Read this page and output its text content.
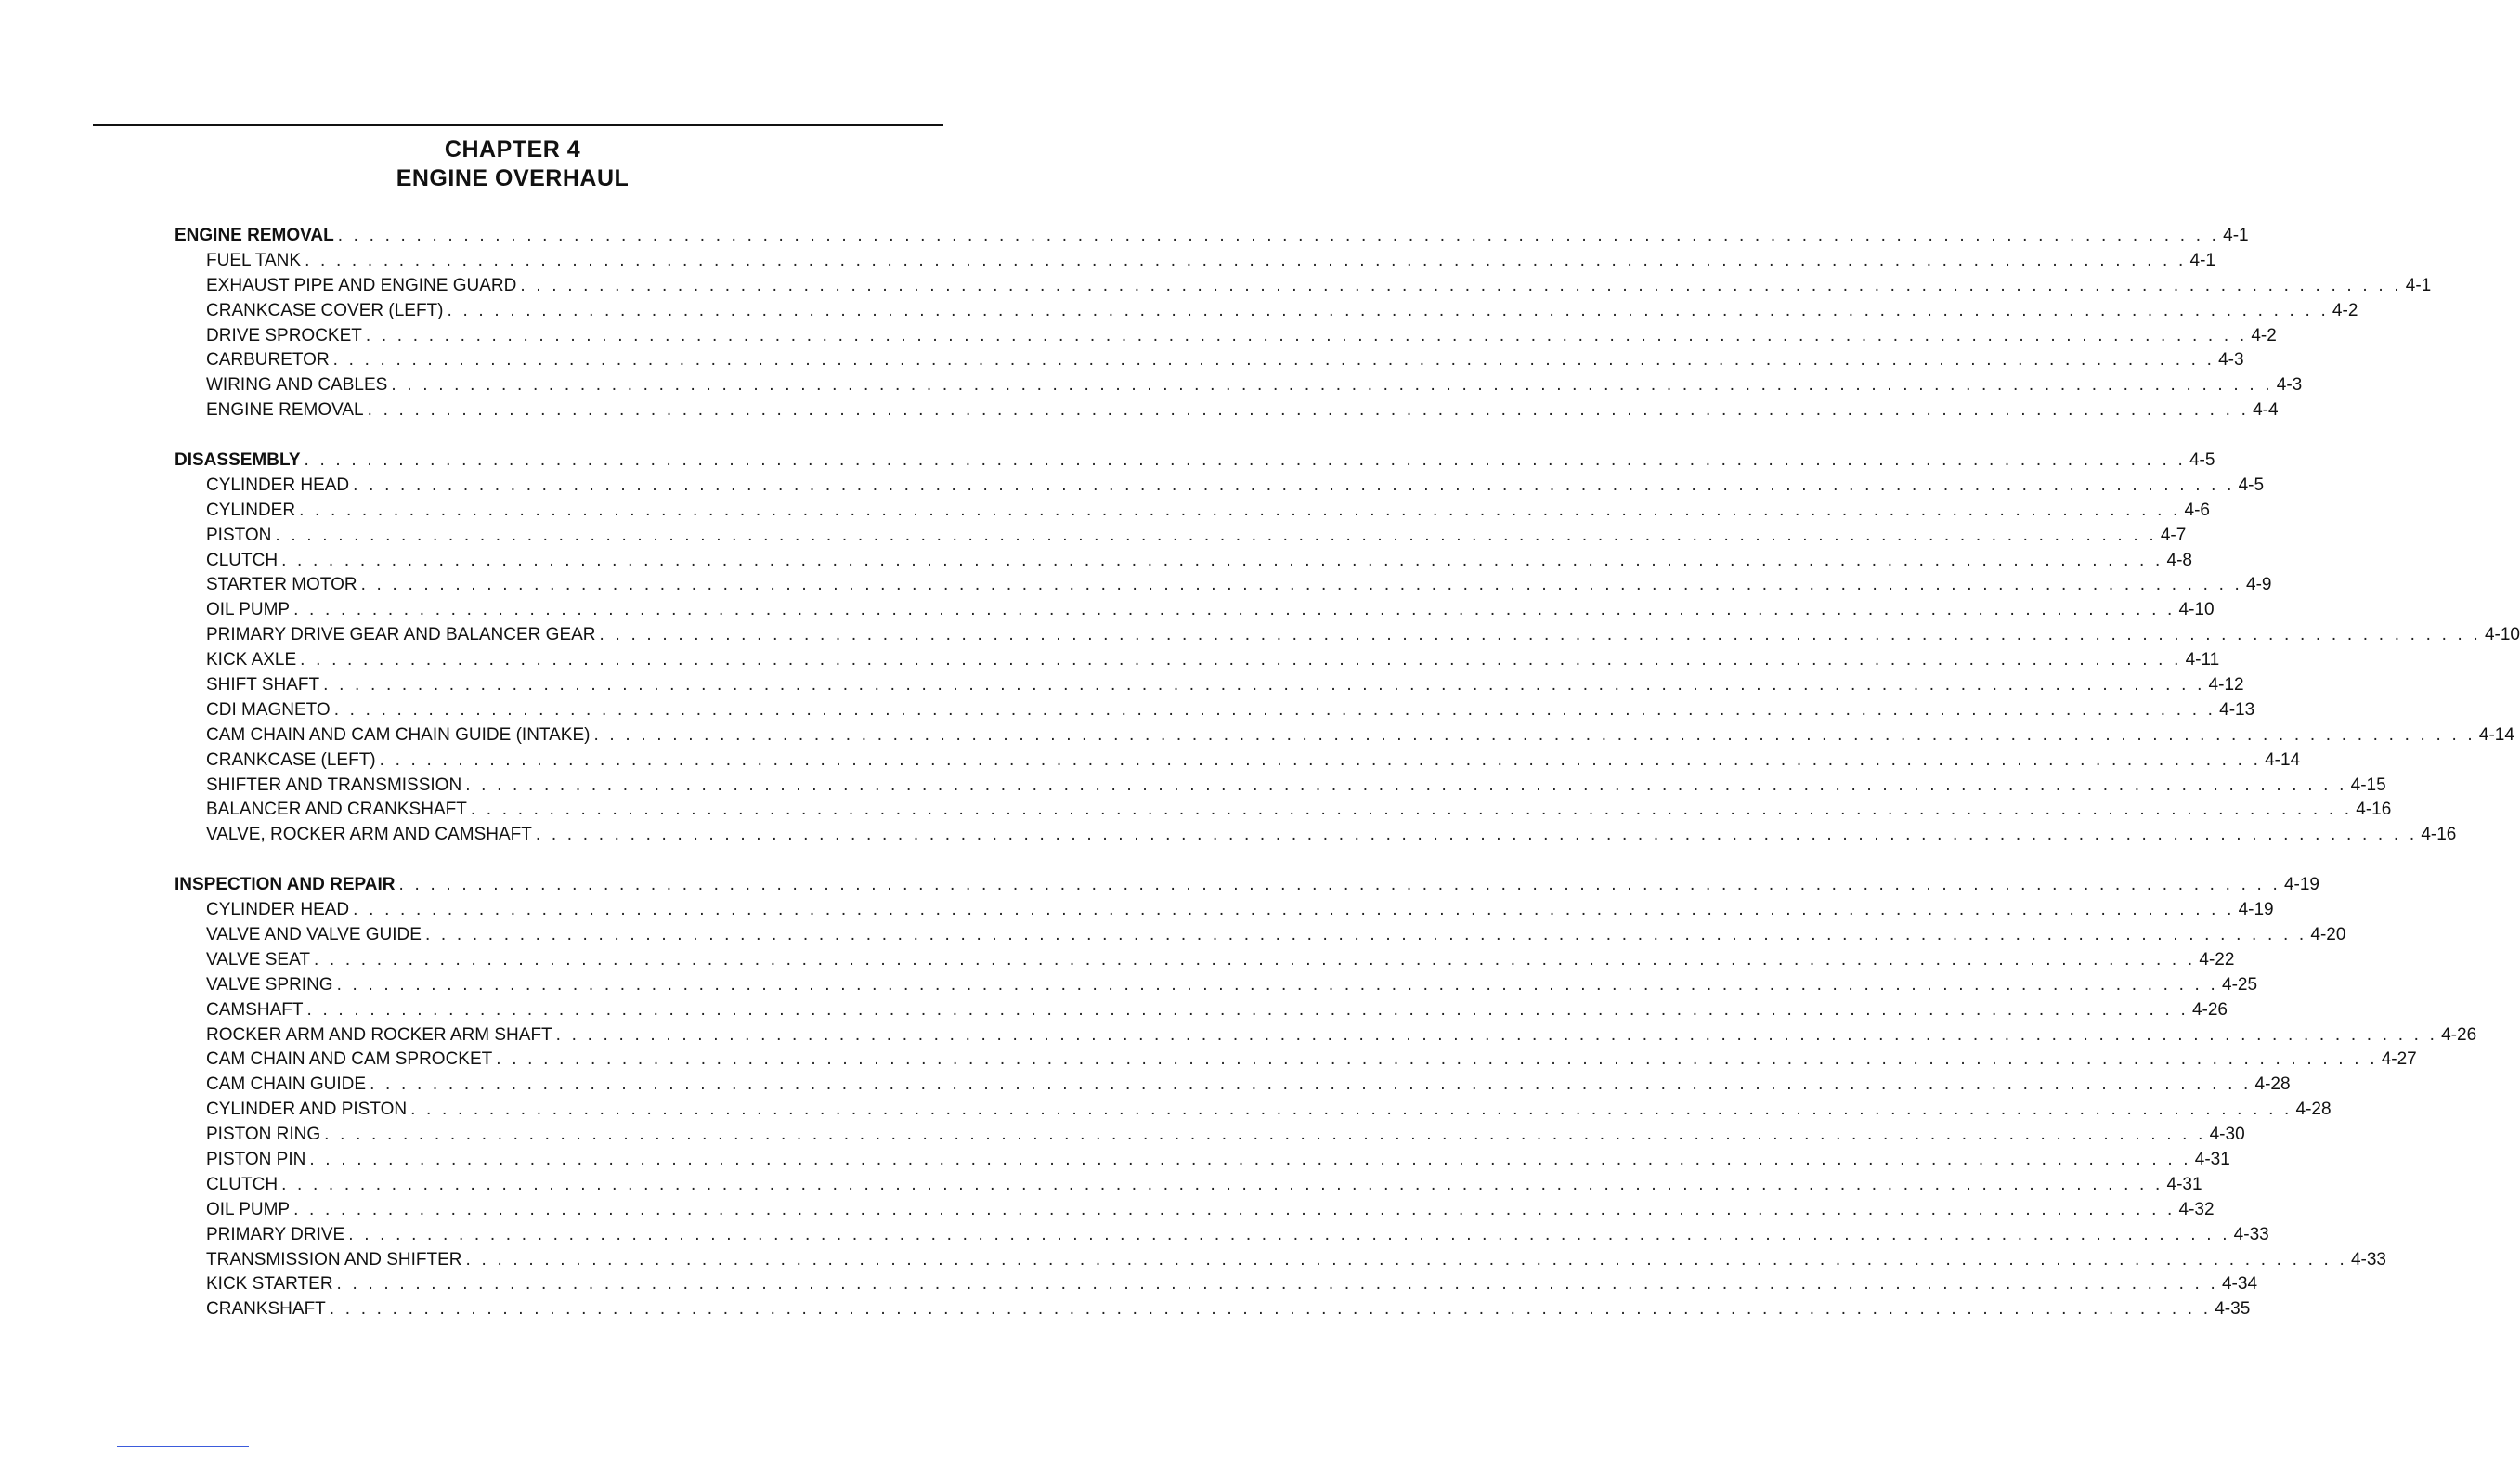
CHAPTER 4
ENGINE OVERHAUL
ENGINE REMOVAL . . . . . . . . . . . . . . . . . . . . . . . . . . . . . . . . . . . . . . . . . . . . . . . . . . . . . . . . . . . . . . . . . . . . . . . . . . . . . . . . . . . . . . . . . . . . . . . . . . . . . . . . . . . . . . . . . . . . . . . . 4-1
FUEL TANK . . . . . . . . . . . . . . . . . . . . . . . . . . . . . . . . . . . . . . . . . . . . . . . . . . . . . . . . . . . . . . . . . . . . . . . . . . . . . . . . . . . . . . . . . . . . . . . . . . . . . . . . . . . . . . . . . . . . . . . . 4-1
EXHAUST PIPE AND ENGINE GUARD . . . . . . . . . . . . . . . . . . . . . . . . . . . . . . . . . . . . . . . . . . . . . . . . . . . . . . . . . . . . . . . . . . . . . . . . . . . . . . . . . . . . . . . . . . . . . . . . . . . . . . . . . . . . . . . . . . . . . . . . 4-1
CRANKCASE COVER (LEFT) . . . . . . . . . . . . . . . . . . . . . . . . . . . . . . . . . . . . . . . . . . . . . . . . . . . . . . . . . . . . . . . . . . . . . . . . . . . . . . . . . . . . . . . . . . . . . . . . . . . . . . . . . . . . . . . . . . . . . . . . 4-2
DRIVE SPROCKET . . . . . . . . . . . . . . . . . . . . . . . . . . . . . . . . . . . . . . . . . . . . . . . . . . . . . . . . . . . . . . . . . . . . . . . . . . . . . . . . . . . . . . . . . . . . . . . . . . . . . . . . . . . . . . . . . . . . . . . . 4-2
CARBURETOR . . . . . . . . . . . . . . . . . . . . . . . . . . . . . . . . . . . . . . . . . . . . . . . . . . . . . . . . . . . . . . . . . . . . . . . . . . . . . . . . . . . . . . . . . . . . . . . . . . . . . . . . . . . . . . . . . . . . . . . . 4-3
WIRING AND CABLES . . . . . . . . . . . . . . . . . . . . . . . . . . . . . . . . . . . . . . . . . . . . . . . . . . . . . . . . . . . . . . . . . . . . . . . . . . . . . . . . . . . . . . . . . . . . . . . . . . . . . . . . . . . . . . . . . . . . . . . . 4-3
ENGINE REMOVAL . . . . . . . . . . . . . . . . . . . . . . . . . . . . . . . . . . . . . . . . . . . . . . . . . . . . . . . . . . . . . . . . . . . . . . . . . . . . . . . . . . . . . . . . . . . . . . . . . . . . . . . . . . . . . . . . . . . . . . . . 4-4
DISASSEMBLY . . . . . . . . . . . . . . . . . . . . . . . . . . . . . . . . . . . . . . . . . . . . . . . . . . . . . . . . . . . . . . . . . . . . . . . . . . . . . . . . . . . . . . . . . . . . . . . . . . . . . . . . . . . . . . . . . . . . . . . . 4-5
CYLINDER HEAD . . . . . . . . . . . . . . . . . . . . . . . . . . . . . . . . . . . . . . . . . . . . . . . . . . . . . . . . . . . . . . . . . . . . . . . . . . . . . . . . . . . . . . . . . . . . . . . . . . . . . . . . . . . . . . . . . . . . . . . . 4-5
CYLINDER . . . . . . . . . . . . . . . . . . . . . . . . . . . . . . . . . . . . . . . . . . . . . . . . . . . . . . . . . . . . . . . . . . . . . . . . . . . . . . . . . . . . . . . . . . . . . . . . . . . . . . . . . . . . . . . . . . . . . . . . 4-6
PISTON . . . . . . . . . . . . . . . . . . . . . . . . . . . . . . . . . . . . . . . . . . . . . . . . . . . . . . . . . . . . . . . . . . . . . . . . . . . . . . . . . . . . . . . . . . . . . . . . . . . . . . . . . . . . . . . . . . . . . . . . 4-7
CLUTCH . . . . . . . . . . . . . . . . . . . . . . . . . . . . . . . . . . . . . . . . . . . . . . . . . . . . . . . . . . . . . . . . . . . . . . . . . . . . . . . . . . . . . . . . . . . . . . . . . . . . . . . . . . . . . . . . . . . . . . . . 4-8
STARTER MOTOR . . . . . . . . . . . . . . . . . . . . . . . . . . . . . . . . . . . . . . . . . . . . . . . . . . . . . . . . . . . . . . . . . . . . . . . . . . . . . . . . . . . . . . . . . . . . . . . . . . . . . . . . . . . . . . . . . . . . . . . . 4-9
OIL PUMP . . . . . . . . . . . . . . . . . . . . . . . . . . . . . . . . . . . . . . . . . . . . . . . . . . . . . . . . . . . . . . . . . . . . . . . . . . . . . . . . . . . . . . . . . . . . . . . . . . . . . . . . . . . . . . . . . . . . . . . . 4-10
PRIMARY DRIVE GEAR AND BALANCER GEAR . . . . . . . . . . . . . . . . . . . . . . . . . . . . . . . . . . . . . . . . . . . . . . . . . . . . . . . . . . . . . . . . . . . . . . . . . . . . . . . . . . . . . . . . . . . . . . . . . . . . . . . . . . . . . . . . . . . . . . . . 4-10
KICK AXLE . . . . . . . . . . . . . . . . . . . . . . . . . . . . . . . . . . . . . . . . . . . . . . . . . . . . . . . . . . . . . . . . . . . . . . . . . . . . . . . . . . . . . . . . . . . . . . . . . . . . . . . . . . . . . . . . . . . . . . . . 4-11
SHIFT SHAFT . . . . . . . . . . . . . . . . . . . . . . . . . . . . . . . . . . . . . . . . . . . . . . . . . . . . . . . . . . . . . . . . . . . . . . . . . . . . . . . . . . . . . . . . . . . . . . . . . . . . . . . . . . . . . . . . . . . . . . . . 4-12
CDI MAGNETO . . . . . . . . . . . . . . . . . . . . . . . . . . . . . . . . . . . . . . . . . . . . . . . . . . . . . . . . . . . . . . . . . . . . . . . . . . . . . . . . . . . . . . . . . . . . . . . . . . . . . . . . . . . . . . . . . . . . . . . . 4-13
CAM CHAIN AND CAM CHAIN GUIDE (INTAKE) . . . . . . . . . . . . . . . . . . . . . . . . . . . . . . . . . . . . . . . . . . . . . . . . . . . . . . . . . . . . . . . . . . . . . . . . . . . . . . . . . . . . . . . . . . . . . . . . . . . . . . . . . . . . . . . . . . . . . . . . 4-14
CRANKCASE (LEFT) . . . . . . . . . . . . . . . . . . . . . . . . . . . . . . . . . . . . . . . . . . . . . . . . . . . . . . . . . . . . . . . . . . . . . . . . . . . . . . . . . . . . . . . . . . . . . . . . . . . . . . . . . . . . . . . . . . . . . . . . 4-14
SHIFTER AND TRANSMISSION . . . . . . . . . . . . . . . . . . . . . . . . . . . . . . . . . . . . . . . . . . . . . . . . . . . . . . . . . . . . . . . . . . . . . . . . . . . . . . . . . . . . . . . . . . . . . . . . . . . . . . . . . . . . . . . . . . . . . . . . 4-15
BALANCER AND CRANKSHAFT . . . . . . . . . . . . . . . . . . . . . . . . . . . . . . . . . . . . . . . . . . . . . . . . . . . . . . . . . . . . . . . . . . . . . . . . . . . . . . . . . . . . . . . . . . . . . . . . . . . . . . . . . . . . . . . . . . . . . . . . 4-16
VALVE, ROCKER ARM AND CAMSHAFT . . . . . . . . . . . . . . . . . . . . . . . . . . . . . . . . . . . . . . . . . . . . . . . . . . . . . . . . . . . . . . . . . . . . . . . . . . . . . . . . . . . . . . . . . . . . . . . . . . . . . . . . . . . . . . . . . . . . . . . . 4-16
INSPECTION AND REPAIR . . . . . . . . . . . . . . . . . . . . . . . . . . . . . . . . . . . . . . . . . . . . . . . . . . . . . . . . . . . . . . . . . . . . . . . . . . . . . . . . . . . . . . . . . . . . . . . . . . . . . . . . . . . . . . . . . . . . . . . . 4-19
CYLINDER HEAD . . . . . . . . . . . . . . . . . . . . . . . . . . . . . . . . . . . . . . . . . . . . . . . . . . . . . . . . . . . . . . . . . . . . . . . . . . . . . . . . . . . . . . . . . . . . . . . . . . . . . . . . . . . . . . . . . . . . . . . . 4-19
VALVE AND VALVE GUIDE . . . . . . . . . . . . . . . . . . . . . . . . . . . . . . . . . . . . . . . . . . . . . . . . . . . . . . . . . . . . . . . . . . . . . . . . . . . . . . . . . . . . . . . . . . . . . . . . . . . . . . . . . . . . . . . . . . . . . . . . 4-20
VALVE SEAT . . . . . . . . . . . . . . . . . . . . . . . . . . . . . . . . . . . . . . . . . . . . . . . . . . . . . . . . . . . . . . . . . . . . . . . . . . . . . . . . . . . . . . . . . . . . . . . . . . . . . . . . . . . . . . . . . . . . . . . . 4-22
VALVE SPRING . . . . . . . . . . . . . . . . . . . . . . . . . . . . . . . . . . . . . . . . . . . . . . . . . . . . . . . . . . . . . . . . . . . . . . . . . . . . . . . . . . . . . . . . . . . . . . . . . . . . . . . . . . . . . . . . . . . . . . . . 4-25
CAMSHAFT . . . . . . . . . . . . . . . . . . . . . . . . . . . . . . . . . . . . . . . . . . . . . . . . . . . . . . . . . . . . . . . . . . . . . . . . . . . . . . . . . . . . . . . . . . . . . . . . . . . . . . . . . . . . . . . . . . . . . . . . 4-26
ROCKER ARM AND ROCKER ARM SHAFT . . . . . . . . . . . . . . . . . . . . . . . . . . . . . . . . . . . . . . . . . . . . . . . . . . . . . . . . . . . . . . . . . . . . . . . . . . . . . . . . . . . . . . . . . . . . . . . . . . . . . . . . . . . . . . . . . . . . . . . . 4-26
CAM CHAIN AND CAM SPROCKET . . . . . . . . . . . . . . . . . . . . . . . . . . . . . . . . . . . . . . . . . . . . . . . . . . . . . . . . . . . . . . . . . . . . . . . . . . . . . . . . . . . . . . . . . . . . . . . . . . . . . . . . . . . . . . . . . . . . . . . . 4-27
CAM CHAIN GUIDE . . . . . . . . . . . . . . . . . . . . . . . . . . . . . . . . . . . . . . . . . . . . . . . . . . . . . . . . . . . . . . . . . . . . . . . . . . . . . . . . . . . . . . . . . . . . . . . . . . . . . . . . . . . . . . . . . . . . . . . . 4-28
CYLINDER AND PISTON . . . . . . . . . . . . . . . . . . . . . . . . . . . . . . . . . . . . . . . . . . . . . . . . . . . . . . . . . . . . . . . . . . . . . . . . . . . . . . . . . . . . . . . . . . . . . . . . . . . . . . . . . . . . . . . . . . . . . . . . 4-28
PISTON RING . . . . . . . . . . . . . . . . . . . . . . . . . . . . . . . . . . . . . . . . . . . . . . . . . . . . . . . . . . . . . . . . . . . . . . . . . . . . . . . . . . . . . . . . . . . . . . . . . . . . . . . . . . . . . . . . . . . . . . . . 4-30
PISTON PIN . . . . . . . . . . . . . . . . . . . . . . . . . . . . . . . . . . . . . . . . . . . . . . . . . . . . . . . . . . . . . . . . . . . . . . . . . . . . . . . . . . . . . . . . . . . . . . . . . . . . . . . . . . . . . . . . . . . . . . . . 4-31
CLUTCH . . . . . . . . . . . . . . . . . . . . . . . . . . . . . . . . . . . . . . . . . . . . . . . . . . . . . . . . . . . . . . . . . . . . . . . . . . . . . . . . . . . . . . . . . . . . . . . . . . . . . . . . . . . . . . . . . . . . . . . . 4-31
OIL PUMP . . . . . . . . . . . . . . . . . . . . . . . . . . . . . . . . . . . . . . . . . . . . . . . . . . . . . . . . . . . . . . . . . . . . . . . . . . . . . . . . . . . . . . . . . . . . . . . . . . . . . . . . . . . . . . . . . . . . . . . . 4-32
PRIMARY DRIVE . . . . . . . . . . . . . . . . . . . . . . . . . . . . . . . . . . . . . . . . . . . . . . . . . . . . . . . . . . . . . . . . . . . . . . . . . . . . . . . . . . . . . . . . . . . . . . . . . . . . . . . . . . . . . . . . . . . . . . . . 4-33
TRANSMISSION AND SHIFTER . . . . . . . . . . . . . . . . . . . . . . . . . . . . . . . . . . . . . . . . . . . . . . . . . . . . . . . . . . . . . . . . . . . . . . . . . . . . . . . . . . . . . . . . . . . . . . . . . . . . . . . . . . . . . . . . . . . . . . . . 4-33
KICK STARTER . . . . . . . . . . . . . . . . . . . . . . . . . . . . . . . . . . . . . . . . . . . . . . . . . . . . . . . . . . . . . . . . . . . . . . . . . . . . . . . . . . . . . . . . . . . . . . . . . . . . . . . . . . . . . . . . . . . . . . . . 4-34
CRANKSHAFT . . . . . . . . . . . . . . . . . . . . . . . . . . . . . . . . . . . . . . . . . . . . . . . . . . . . . . . . . . . . . . . . . . . . . . . . . . . . . . . . . . . . . . . . . . . . . . . . . . . . . . . . . . . . . . . . . . . . . . . . 4-35
